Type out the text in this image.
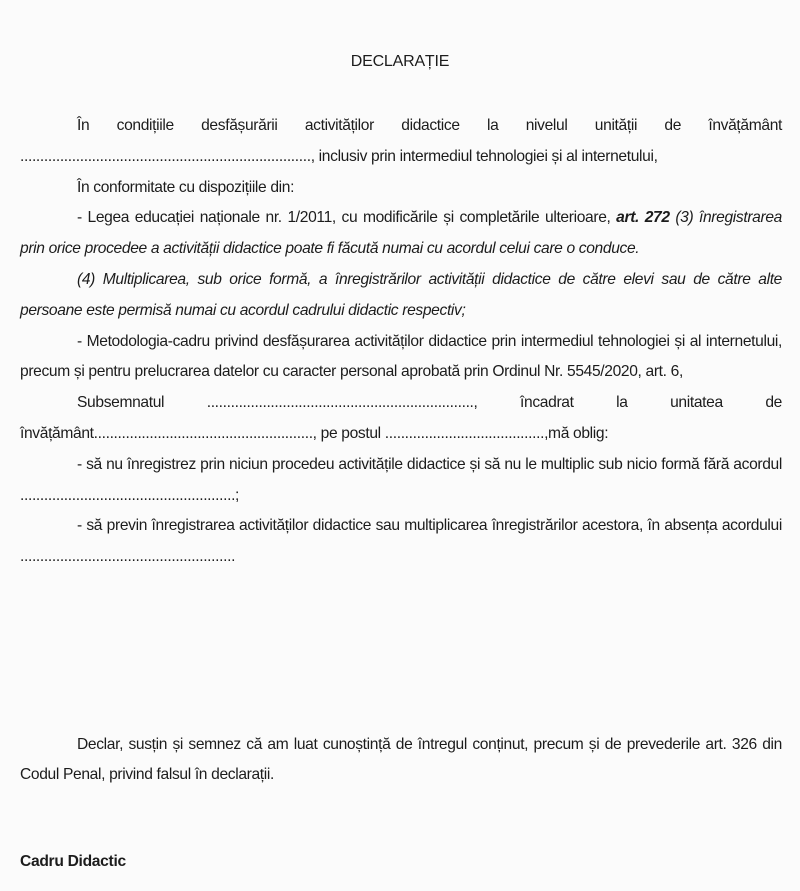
DECLARAȚIE

În condițiile desfășurării activităților didactice la nivelul unității de învățământ ........................................................................., inclusiv prin intermediul tehnologiei și al internetului,

În conformitate cu dispozițiile din:

- Legea educației naționale nr. 1/2011, cu modificările și completările ulterioare, art. 272 (3) înregistrarea prin orice procedee a activității didactice poate fi făcută numai cu acordul celui care o conduce.

(4) Multiplicarea, sub orice formă, a înregistrărilor activității didactice de către elevi sau de către alte persoane este permisă numai cu acordul cadrului didactic respectiv;

- Metodologia-cadru privind desfășurarea activităților didactice prin intermediul tehnologiei și al internetului, precum și pentru prelucrarea datelor cu caracter personal aprobată prin Ordinul Nr. 5545/2020, art. 6,

Subsemnatul ..................................................................., încadrat la unitatea de învățământ......................................................., pe postul ........................................,mă oblig:

- să nu înregistrez prin niciun procedeu activitățile didactice și să nu le multiplic sub nicio formă fără acordul ......................................................;

- să previn înregistrarea activităților didactice sau multiplicarea înregistrărilor acestora, în absența acordului ......................................................

Declar, susțin și semnez că am luat cunoștință de întregul conținut, precum și de prevederile art. 326 din Codul Penal, privind falsul în declarații.

Cadru Didactic
